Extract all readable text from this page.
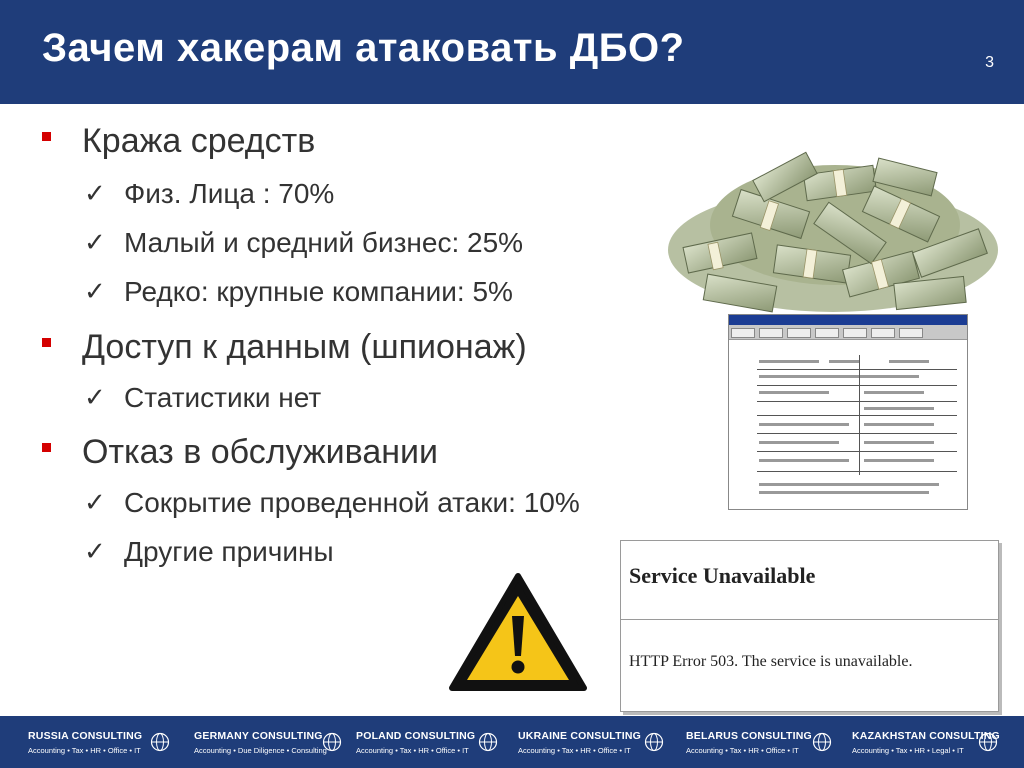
Зачем хакерам атаковать ДБО?	3
Кража средств
✓ Физ. Лица : 70%
✓ Малый и средний бизнес: 25%
✓ Редко: крупные компании: 5%
Доступ к данным (шпионаж)
✓ Статистики нет
Отказ в обслуживании
✓ Сокрытие проведенной атаки: 10%
✓ Другие причины
Service Unavailable
HTTP Error 503. The service is unavailable.
RUSSIA CONSULTING
Accounting • Tax • HR • Office • IT
GERMANY CONSULTING
Accounting • Due Diligence • Consulting
POLAND CONSULTING
Accounting • Tax • HR • Office • IT
UKRAINE CONSULTING
Accounting • Tax • HR • Office • IT
BELARUS CONSULTING
Accounting • Tax • HR • Office • IT
KAZAKHSTAN CONSULTING
Accounting • Tax • HR • Legal • IT
